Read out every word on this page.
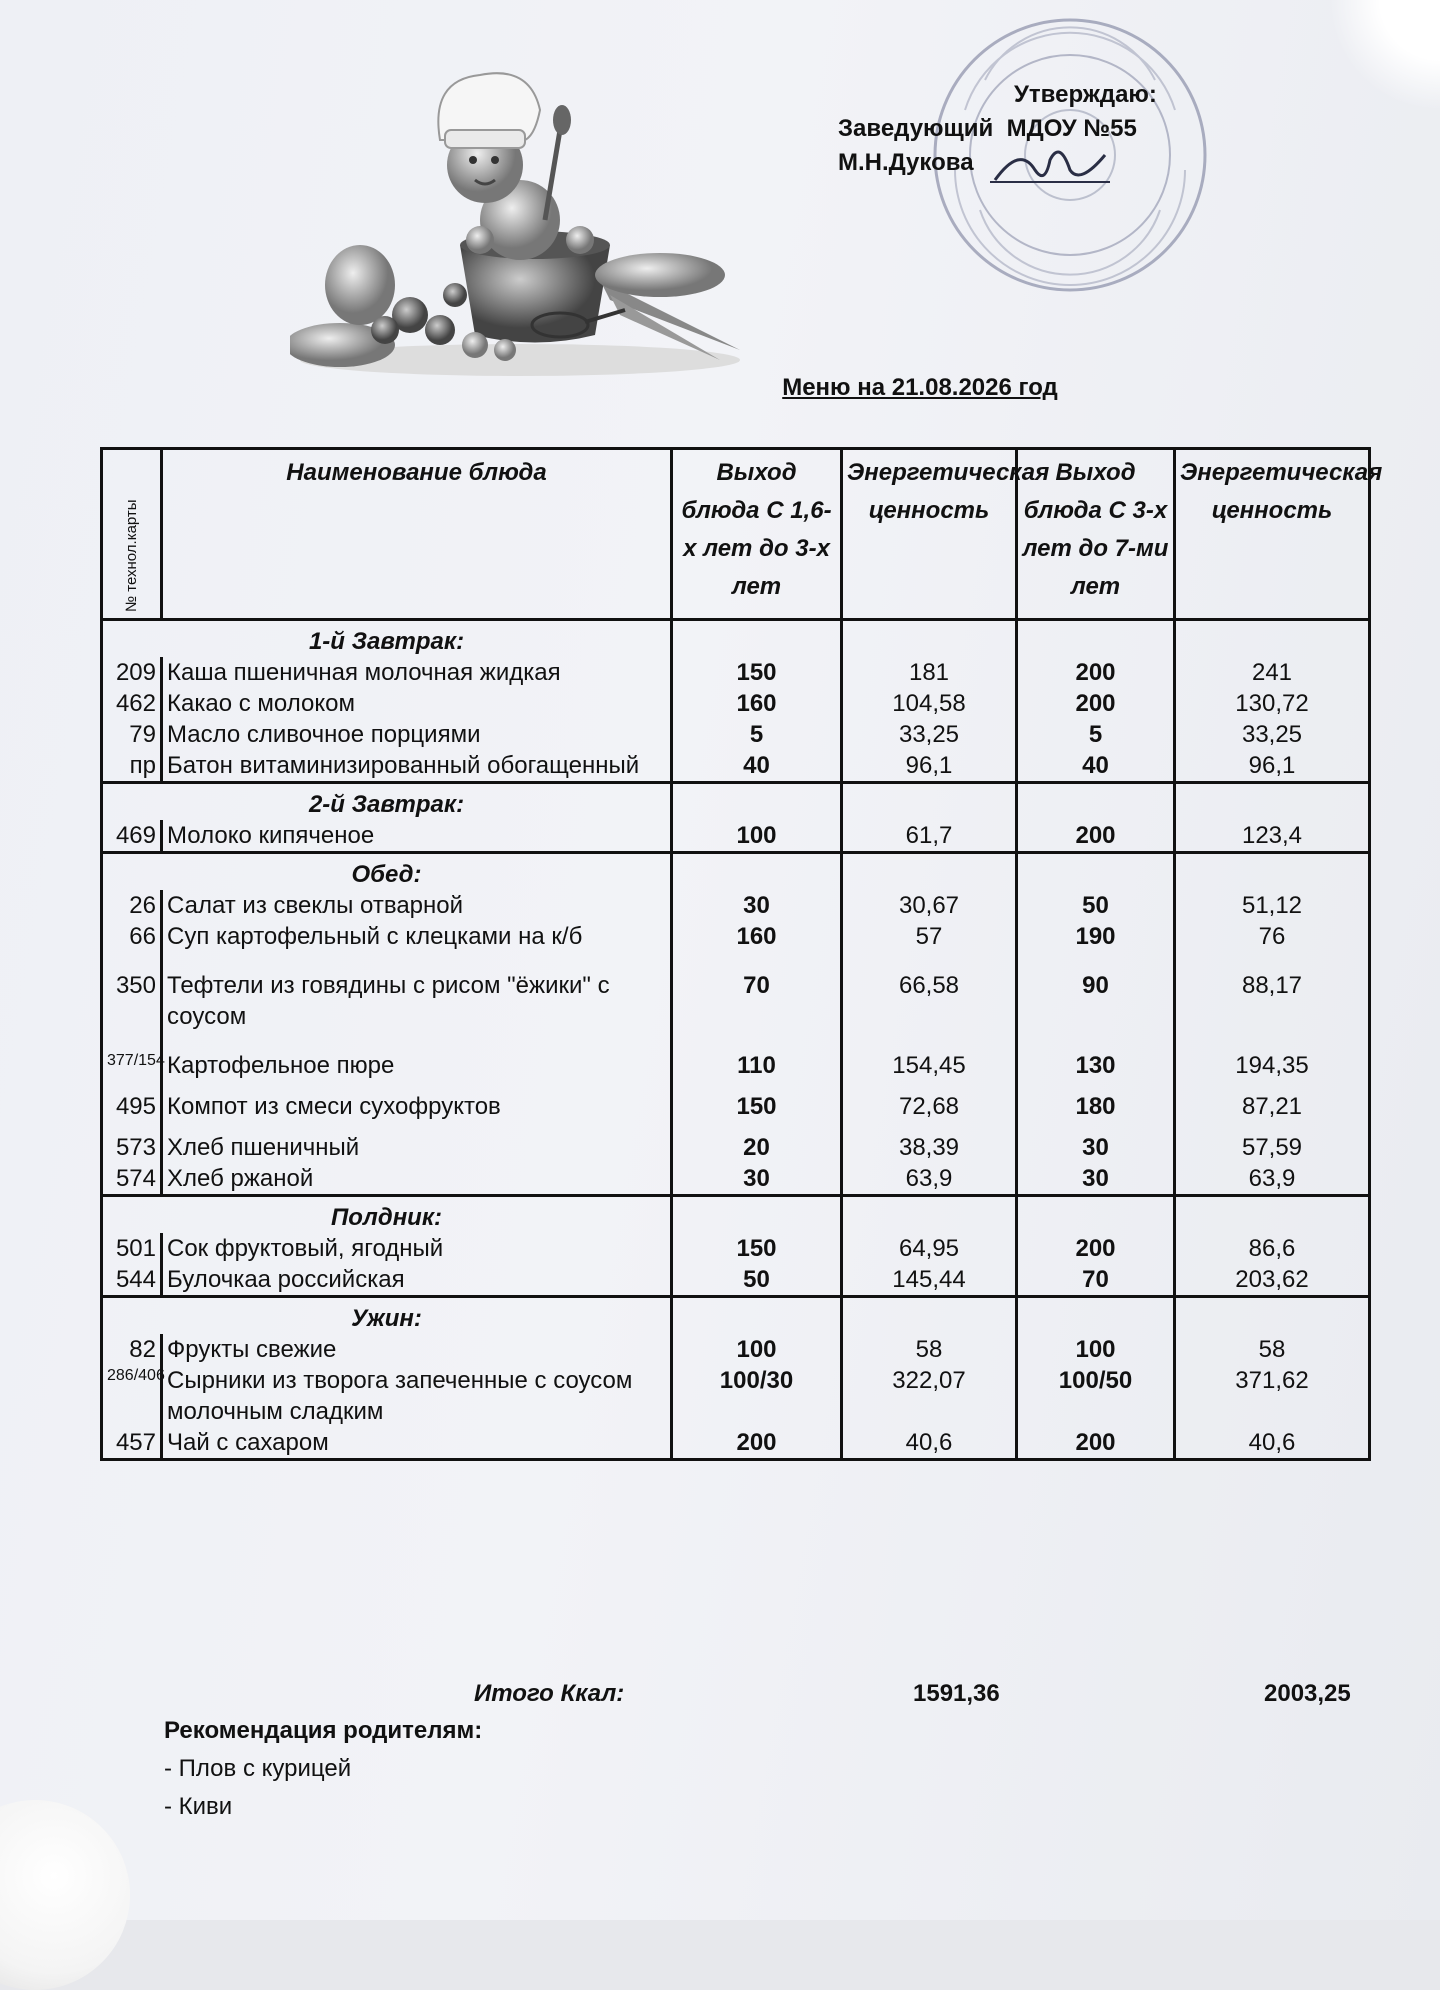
Утверждаю:
Заведующий  МДОУ №55
М.Н.Дукова
Меню на 21.08.2026 год
№ технол.карты	Наименование блюда	Выход блюда С 1,6-х лет до 3-х лет	Энергетическая ценность	Выход блюда С 3-х лет до 7-ми лет	Энергетическая ценность
1-й Завтрак:					
209	Каша пшеничная молочная жидкая	150	181	200	241
462	Какао с молоком	160	104,58	200	130,72
79	Масло сливочное порциями	5	33,25	5	33,25
пр	Батон витаминизированный обогащенный	40	96,1	40	96,1
2-й Завтрак:					
469	Молоко кипяченое	100	61,7	200	123,4
Обед:					
26	Салат из свеклы отварной	30	30,67	50	51,12
66	Суп картофельный с клецками на к/б	160	57	190	76
350	Тефтели из говядины с рисом "ёжики" с соусом	70	66,58	90	88,17
377/154	Картофельное пюре	110	154,45	130	194,35
495	Компот из смеси сухофруктов	150	72,68	180	87,21
573	Хлеб пшеничный	20	38,39	30	57,59
574	Хлеб ржаной	30	63,9	30	63,9
Полдник:					
501	Сок фруктовый, ягодный	150	64,95	200	86,6
544	Булочкаа российская	50	145,44	70	203,62
Ужин:					
82	Фрукты свежие	100	58	100	58
286/406	Сырники из творога запеченные с соусом молочным сладким	100/30	322,07	100/50	371,62
457	Чай с сахаром	200	40,6	200	40,6
Итого Ккал:	1591,36	2003,25
Рекомендация родителям:
- Плов с курицей
- Киви
